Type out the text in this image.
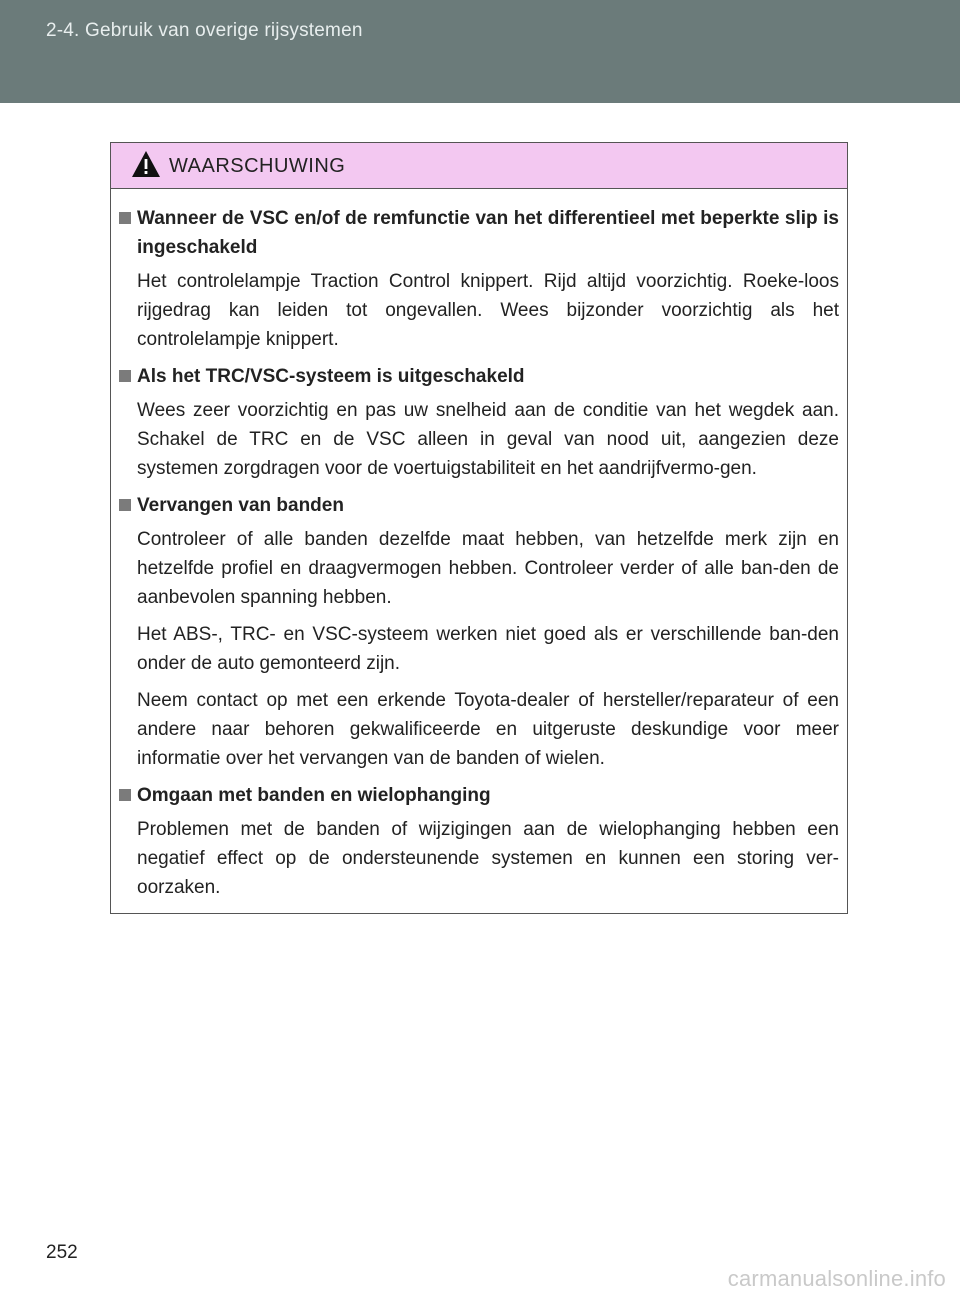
2-4. Gebruik van overige rijsystemen
WAARSCHUWING
Wanneer de VSC en/of de remfunctie van het differentieel met beperkte slip is ingeschakeld

Het controlelampje Traction Control knippert. Rijd altijd voorzichtig. Roeke-loos rijgedrag kan leiden tot ongevallen. Wees bijzonder voorzichtig als het controlelampje knippert.

Als het TRC/VSC-systeem is uitgeschakeld

Wees zeer voorzichtig en pas uw snelheid aan de conditie van het wegdek aan. Schakel de TRC en de VSC alleen in geval van nood uit, aangezien deze systemen zorgdragen voor de voertuigstabiliteit en het aandrijfvermo-gen.

Vervangen van banden

Controleer of alle banden dezelfde maat hebben, van hetzelfde merk zijn en hetzelfde profiel en draagvermogen hebben. Controleer verder of alle ban-den de aanbevolen spanning hebben.

Het ABS-, TRC- en VSC-systeem werken niet goed als er verschillende ban-den onder de auto gemonteerd zijn.

Neem contact op met een erkende Toyota-dealer of hersteller/reparateur of een andere naar behoren gekwalificeerde en uitgeruste deskundige voor meer informatie over het vervangen van de banden of wielen.

Omgaan met banden en wielophanging

Problemen met de banden of wijzigingen aan de wielophanging hebben een negatief effect op de ondersteunende systemen en kunnen een storing ver-oorzaken.

252
carmanualsonline.info
